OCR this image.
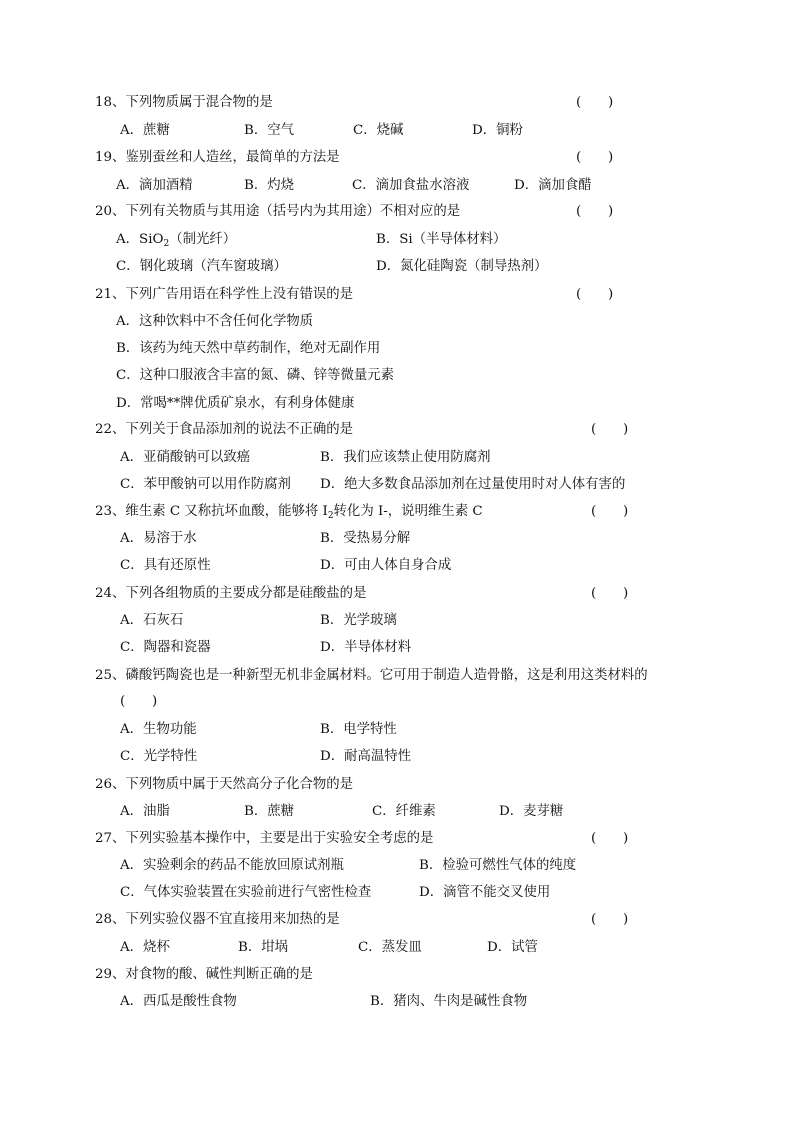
18、下列物质属于混合物的是	(　　)
A．蔗糖	B．空气	C．烧碱	D．铜粉
19、鉴别蚕丝和人造丝，最简单的方法是	(　　)
A．滴加酒精	B．灼烧	C．滴加食盐水溶液	D．滴加食醋
20、下列有关物质与其用途（括号内为其用途）不相对应的是	(　　)
A．SiO$_2$（制光纤）	B．Si（半导体材料）
C．钢化玻璃（汽车窗玻璃）	D．氮化硅陶瓷（制导热剂）
21、下列广告用语在科学性上没有错误的是	(　　)
A．这种饮料中不含任何化学物质
B．该药为纯天然中草药制作，绝对无副作用
C．这种口服液含丰富的氮、磷、锌等微量元素
D．常喝**牌优质矿泉水，有利身体健康
22、下列关于食品添加剂的说法不正确的是	(　　)
A．亚硝酸钠可以致癌	B．我们应该禁止使用防腐剂
C．苯甲酸钠可以用作防腐剂 D．绝大多数食品添加剂在过量使用时对人体有害的
23、维生素 C 又称抗坏血酸，能够将 $I_2$转化为 I-，说明维生素 C	(　　)
A．易溶于水	B．受热易分解
C．具有还原性	D．可由人体自身合成
24、下列各组物质的主要成分都是硅酸盐的是	(　　)
A．石灰石	B．光学玻璃
C．陶器和瓷器	D．半导体材料
25、磷酸钙陶瓷也是一种新型无机非金属材料。它可用于制造人造骨骼，这是利用这类材料的
(　　)
A．生物功能	B．电学特性
C．光学特性	D．耐高温特性
26、下列物质中属于天然高分子化合物的是
A．油脂	B．蔗糖	C．纤维素	D．麦芽糖
27、下列实验基本操作中，主要是出于实验安全考虑的是	(　　)
A．实验剩余的药品不能放回原试剂瓶	B．检验可燃性气体的纯度
C．气体实验装置在实验前进行气密性检查	D．滴管不能交叉使用
28、下列实验仪器不宜直接用来加热的是	(　　)
A．烧杯	B．坩埚	C．蒸发皿	D．试管
29、对食物的酸、碱性判断正确的是
A．西瓜是酸性食物	B．猪肉、牛肉是碱性食物
